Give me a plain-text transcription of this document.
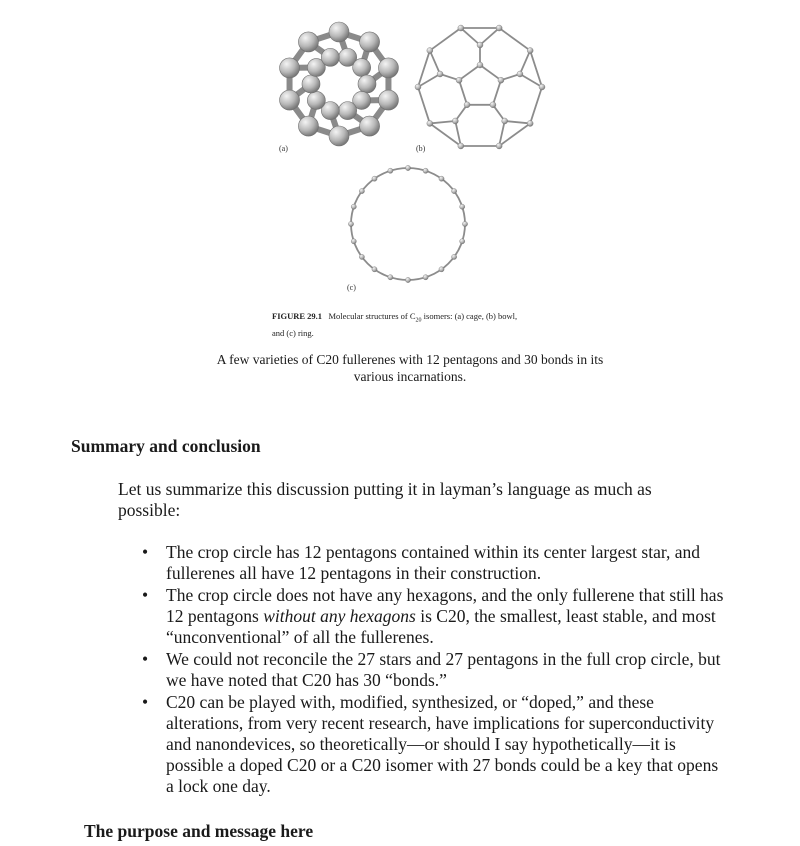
(a)	(b)
(c)
FIGURE 29.1 Molecular structures of $C_{20}$ isomers: (a) cage, (b) bowl,
and (c) ring.
A few varieties of C20 fullerenes with 12 pentagons and 30 bonds in its various incarnations.
Summary and conclusion

Let us summarize this discussion putting it in layman’s language as much as possible:

• The crop circle has 12 pentagons contained within its center largest star, and fullerenes all have 12 pentagons in their construction.
• The crop circle does not have any hexagons, and the only fullerene that still has 12 pentagons without any hexagons is C20, the smallest, least stable, and most “unconventional” of all the fullerenes.
• We could not reconcile the 27 stars and 27 pentagons in the full crop circle, but we have noted that C20 has 30 “bonds.”
• C20 can be played with, modified, synthesized, or “doped,” and these alterations, from very recent research, have implications for superconductivity and nanondevices, so theoretically—or should I say hypothetically—it is possible a doped C20 or a C20 isomer with 27 bonds could be a key that opens a lock one day.
The purpose and message here
